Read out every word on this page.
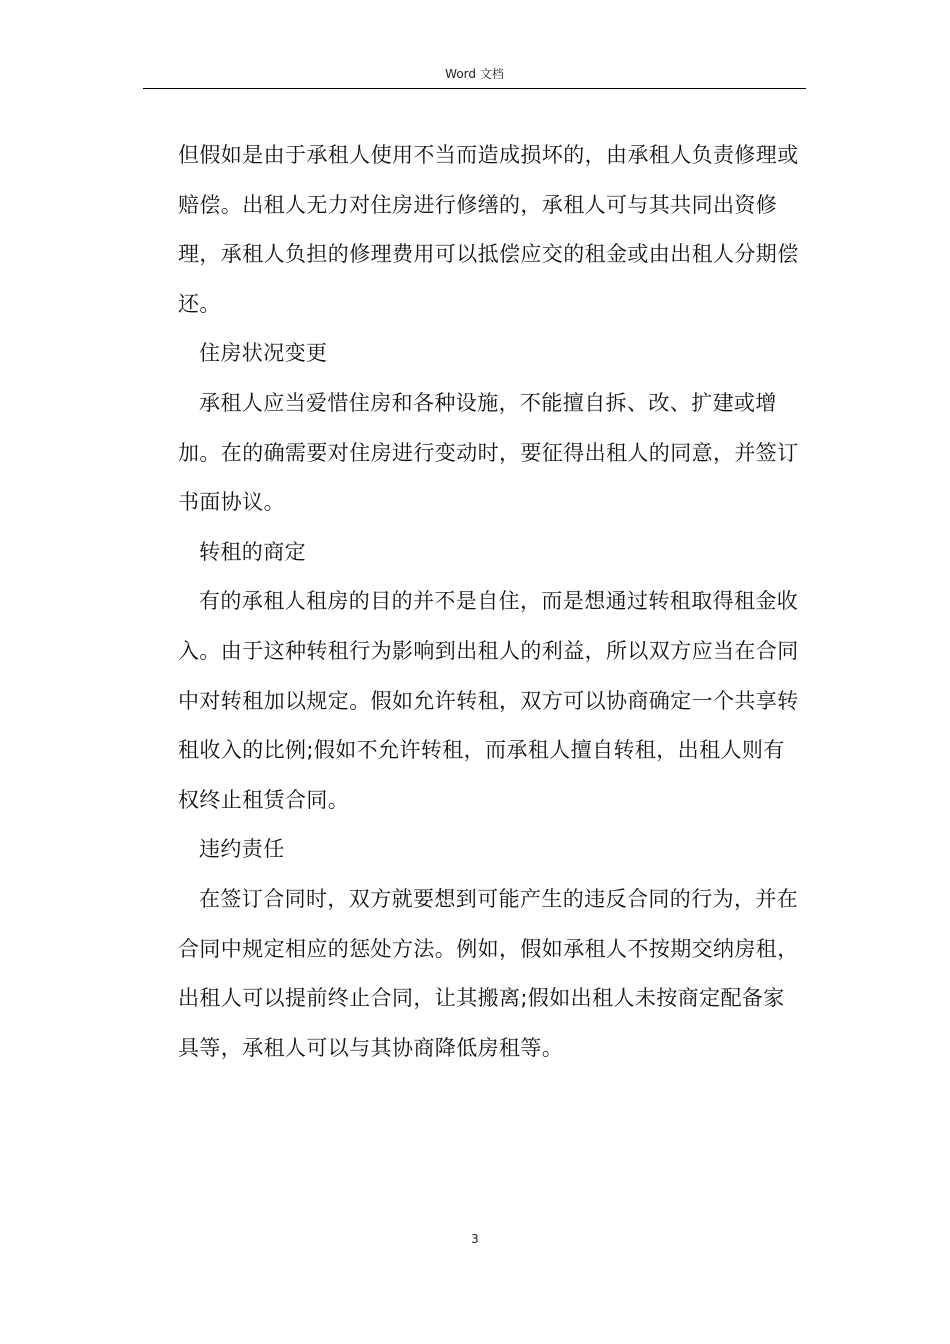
Word 文档

但假如是由于承租人使用不当而造成损坏的，由承租人负责修理或赔偿。出租人无力对住房进行修缮的，承租人可与其共同出资修理，承租人负担的修理费用可以抵偿应交的租金或由出租人分期偿还。

住房状况变更

承租人应当爱惜住房和各种设施，不能擅自拆、改、扩建或增加。在的确需要对住房进行变动时，要征得出租人的同意，并签订书面协议。

转租的商定

有的承租人租房的目的并不是自住，而是想通过转租取得租金收入。由于这种转租行为影响到出租人的利益，所以双方应当在合同中对转租加以规定。假如允许转租，双方可以协商确定一个共享转租收入的比例;假如不允许转租，而承租人擅自转租，出租人则有权终止租赁合同。

违约责任

在签订合同时，双方就要想到可能产生的违反合同的行为，并在合同中规定相应的惩处方法。例如，假如承租人不按期交纳房租，出租人可以提前终止合同，让其搬离;假如出租人未按商定配备家具等，承租人可以与其协商降低房租等。

3
